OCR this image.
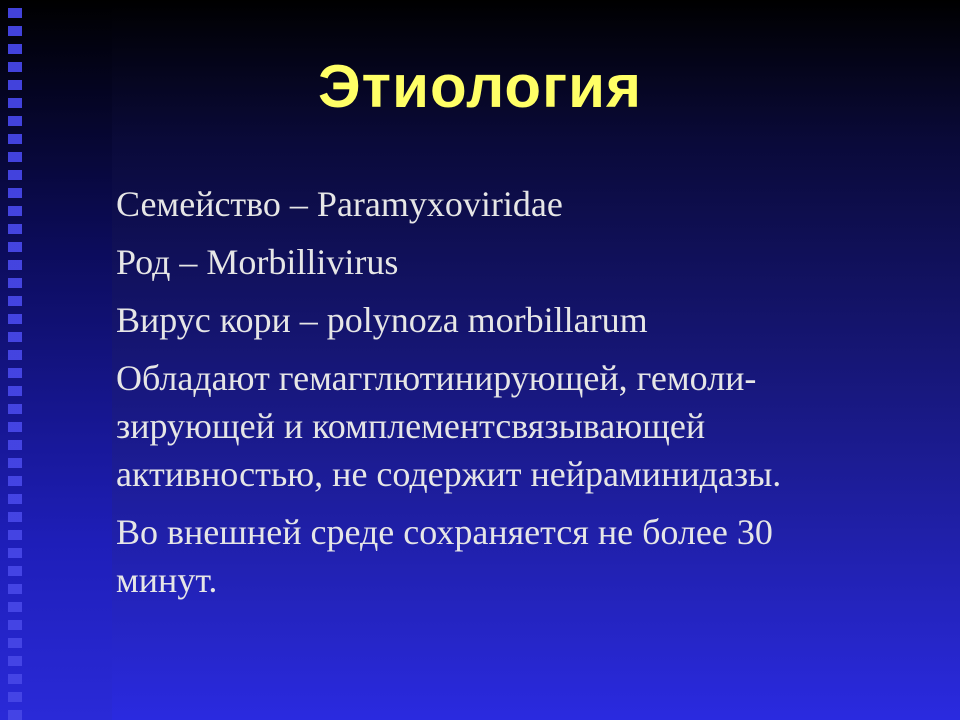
Этиология

Семейство – Paramyxoviridae

Род – Morbillivirus

Вирус кори – polynoza morbillarum

Обладают гемагглютинирующей, гемоли-
зирующей и комплементсвязывающей
активностью, не содержит нейраминидазы.

Во внешней среде сохраняется не более 30
минут.
